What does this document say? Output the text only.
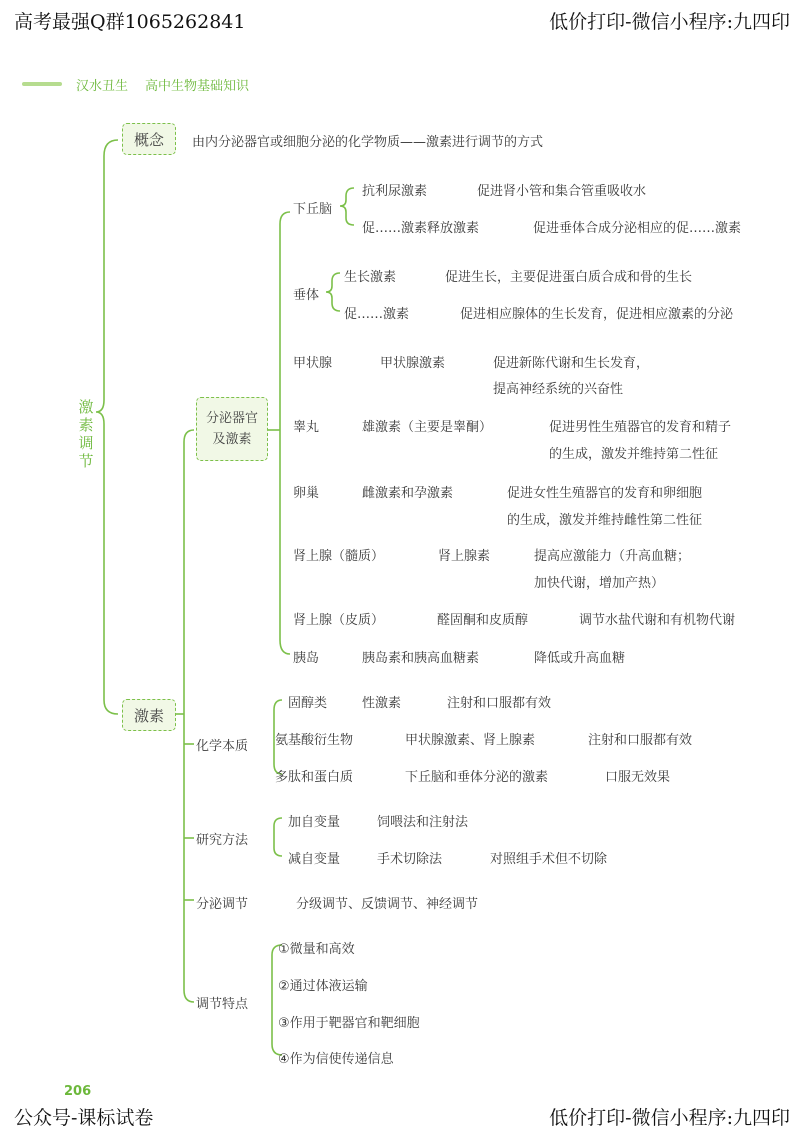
高考最强Q群1065262841	低价打印-微信小程序:九四印
公众号-课标试卷	低价打印-微信小程序:九四印
汉水丑生 高中生物基础知识
激素调节
概念	由内分泌器官或细胞分泌的化学物质——激素进行调节的方式
激素
分泌器官
及激素
下丘脑
抗利尿激素	促进肾小管和集合管重吸收水
促……激素释放激素	促进垂体合成分泌相应的促……激素
垂体
生长激素	促进生长，主要促进蛋白质合成和骨的生长
促……激素	促进相应腺体的生长发育，促进相应激素的分泌
甲状腺	甲状腺激素	促进新陈代谢和生长发育，
提高神经系统的兴奋性
睾丸	雄激素（主要是睾酮）	促进男性生殖器官的发育和精子
的生成，激发并维持第二性征
卵巢	雌激素和孕激素	促进女性生殖器官的发育和卵细胞
的生成，激发并维持雌性第二性征
肾上腺（髓质）	肾上腺素	提高应激能力（升高血糖；
加快代谢，增加产热）
肾上腺（皮质）	醛固酮和皮质醇	调节水盐代谢和有机物代谢
胰岛	胰岛素和胰高血糖素	降低或升高血糖
化学本质
固醇类	性激素	注射和口服都有效
氨基酸衍生物	甲状腺激素、肾上腺素	注射和口服都有效
多肽和蛋白质	下丘脑和垂体分泌的激素	口服无效果
研究方法
加自变量	饲喂法和注射法
减自变量	手术切除法	对照组手术但不切除
分泌调节	分级调节、反馈调节、神经调节
调节特点
①微量和高效
②通过体液运输
③作用于靶器官和靶细胞
④作为信使传递信息
206
